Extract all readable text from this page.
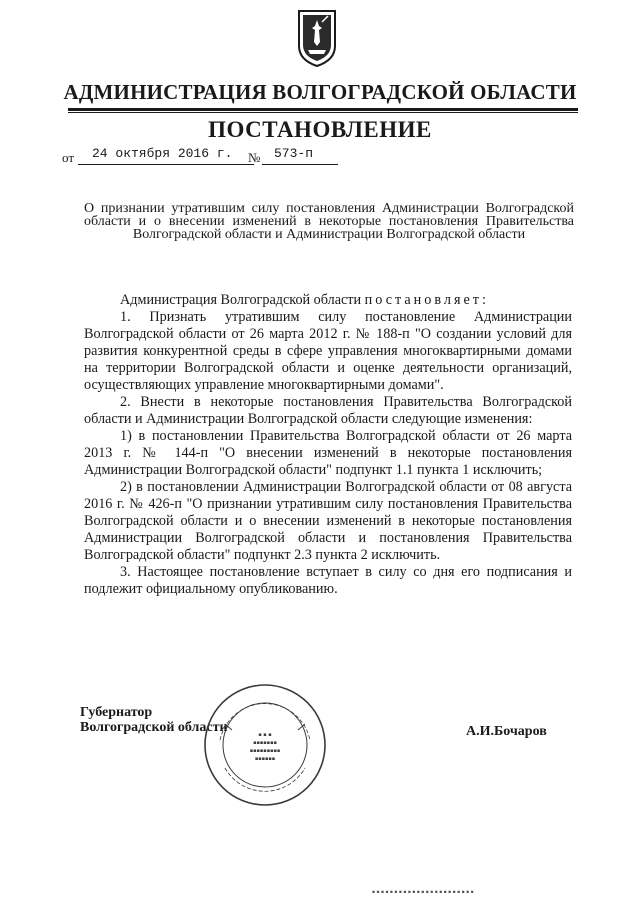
АДМИНИСТРАЦИЯ ВОЛГОГРАДСКОЙ ОБЛАСТИ
ПОСТАНОВЛЕНИЕ
от	24 октября 2016 г.	№	573-п
О признании утратившим силу постановления Администрации Волгоградской области и о внесении изменений в некоторые постановления Правительства Волгоградской области и Администрации Волгоградской области

Администрация Волгоградской области постановляет:

1. Признать утратившим силу постановление Администрации Волгоградской области от 26 марта 2012 г. № 188-п "О создании условий для развития конкурентной среды в сфере управления многоквартирными домами на территории Волгоградской области и оценке деятельности организаций, осуществляющих управление многоквартирными домами".

2. Внести в некоторые постановления Правительства Волгоградской области и Администрации Волгоградской области следующие изменения:

1) в постановлении Правительства Волгоградской области от 26 марта 2013 г. № 144-п "О внесении изменений в некоторые постановления Администрации Волгоградской области" подпункт 1.1 пункта 1 исключить;

2) в постановлении Администрации Волгоградской области от 08 августа 2016 г. № 426-п "О признании утратившим силу постановления Правительства Волгоградской области и о внесении изменений в некоторые постановления Администрации Волгоградской области и постановления Правительства Волгоградской области" подпункт 2.3 пункта 2 исключить.

3. Настоящее постановление вступает в силу со дня его подписания и подлежит официальному опубликованию.

Губернатор
Волгоградской области	А.И.Бочаров
▪ ▪ ▪
▪▪▪▪▪▪▪
▪▪▪▪▪▪▪▪▪
▪▪▪▪▪▪
▪ ▪ ▪ ▪ ▪ ▪ ▪ ▪ ▪ ▪ ▪ ▪ ▪ ▪ ▪ ▪ ▪ ▪ ▪ ▪ ▪ ▪ ▪
